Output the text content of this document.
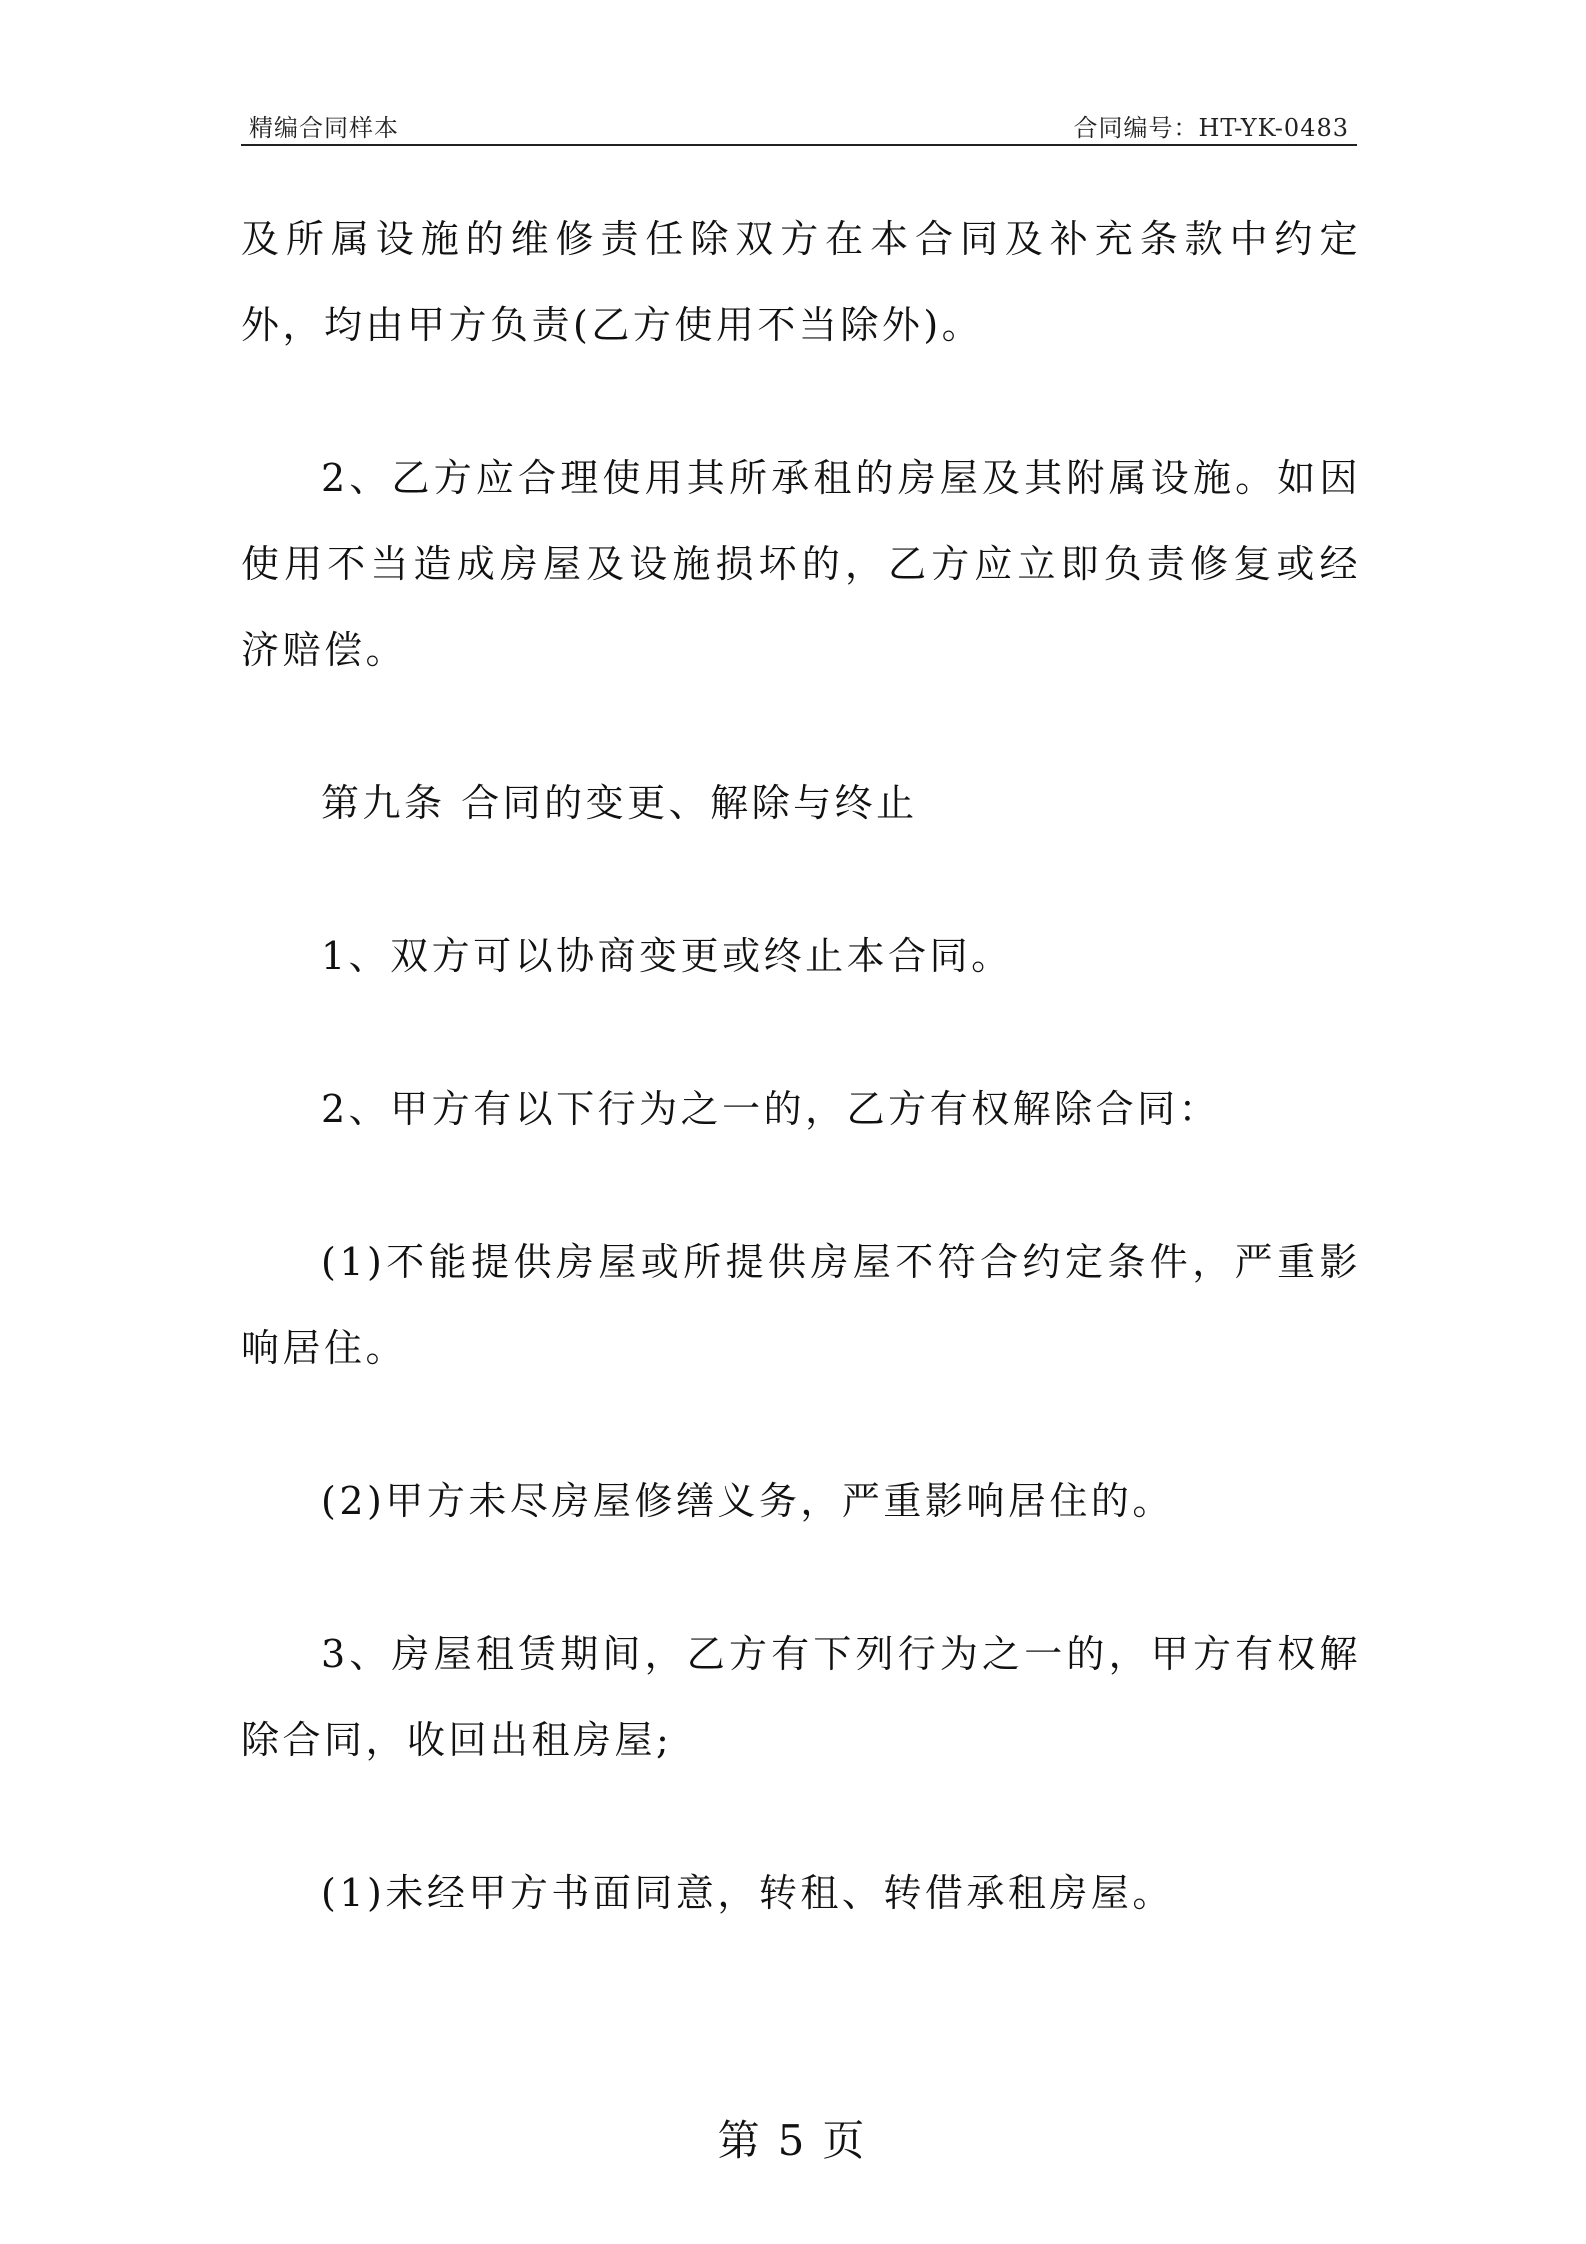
精编合同样本	合同编号：HT-YK-0483

及所属设施的维修责任除双方在本合同及补充条款中约定外，均由甲方负责(乙方使用不当除外)。

2、乙方应合理使用其所承租的房屋及其附属设施。如因使用不当造成房屋及设施损坏的，乙方应立即负责修复或经济赔偿。

第九条 合同的变更、解除与终止

1、双方可以协商变更或终止本合同。

2、甲方有以下行为之一的，乙方有权解除合同：

(1)不能提供房屋或所提供房屋不符合约定条件，严重影响居住。

(2)甲方未尽房屋修缮义务，严重影响居住的。

3、房屋租赁期间，乙方有下列行为之一的，甲方有权解除合同，收回出租房屋;

(1)未经甲方书面同意，转租、转借承租房屋。

第 5 页
